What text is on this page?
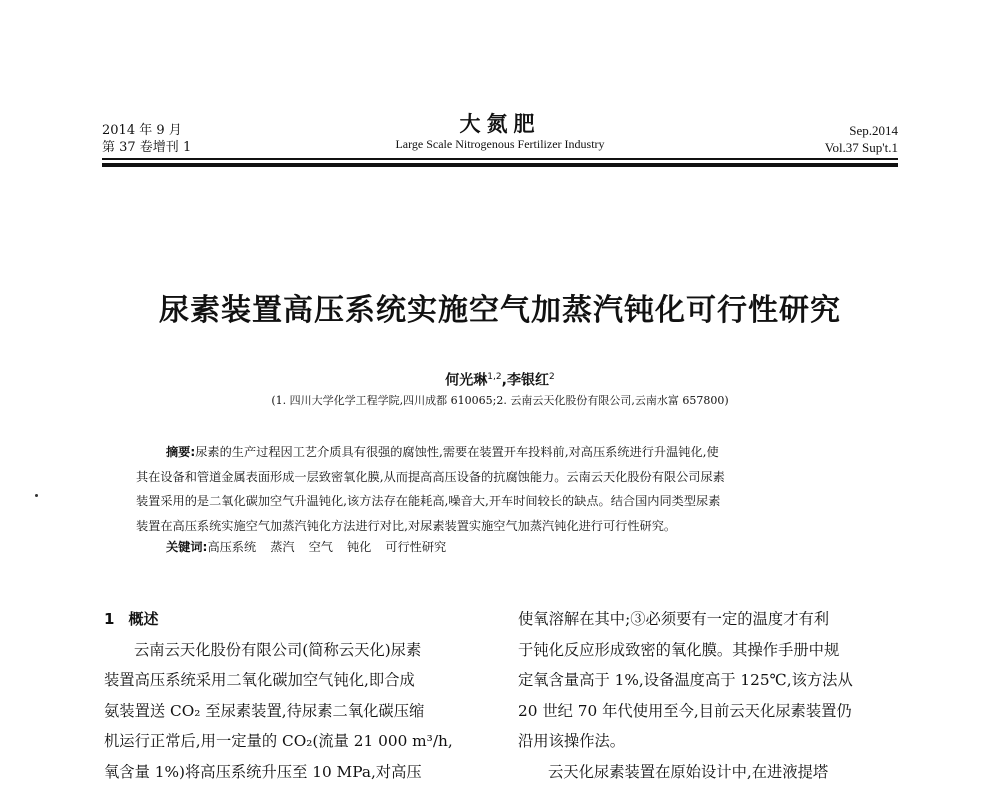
2014 年 9 月
第 37 卷增刊 1
大氮肥
Large Scale Nitrogenous Fertilizer Industry
Sep.2014
Vol.37 Sup't.1
尿素装置高压系统实施空气加蒸汽钝化可行性研究
何光琳$^{1,2}$,李银红$^2$
(1. 四川大学化学工程学院,四川成都 610065;2. 云南云天化股份有限公司,云南水富 657800)
摘要:尿素的生产过程因工艺介质具有很强的腐蚀性,需要在装置开车投料前,对高压系统进行升温钝化,使
其在设备和管道金属表面形成一层致密氧化膜,从而提高高压设备的抗腐蚀能力。云南云天化股份有限公司尿素
装置采用的是二氧化碳加空气升温钝化,该方法存在能耗高,噪音大,开车时间较长的缺点。结合国内同类型尿素
装置在高压系统实施空气加蒸汽钝化方法进行对比,对尿素装置实施空气加蒸汽钝化进行可行性研究。
关键词:高压系统 蒸汽 空气 钝化 可行性研究
1 概述
云南云天化股份有限公司(简称云天化)尿素
装置高压系统采用二氧化碳加空气钝化,即合成
氨装置送 CO₂ 至尿素装置,待尿素二氧化碳压缩
机运行正常后,用一定量的 CO₂(流量 21 000 m³/h,
氧含量 1%)将高压系统升压至 10 MPa,对高压
使氧溶解在其中;③必须要有一定的温度才有利
于钝化反应形成致密的氧化膜。其操作手册中规
定氧含量高于 1%,设备温度高于 125℃,该方法从
20 世纪 70 年代使用至今,目前云天化尿素装置仍
沿用该操作法。
云天化尿素装置在原始设计中,在进液提塔
